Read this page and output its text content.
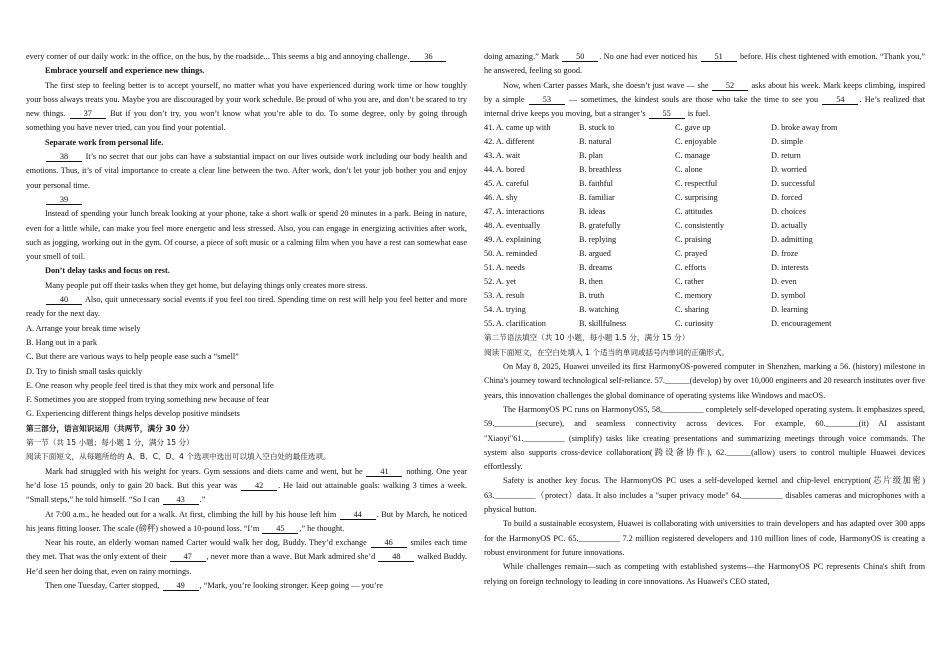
every corner of our daily work: in the office, on the bus, by the roadside... This seems a big and annoying challenge. 36

Embrace yourself and experience new things.

The first step to feeling better is to accept yourself, no matter what you have experienced during work time or how toughly your boss always treats you. Maybe you are discouraged by your work schedule. Be proud of who you are, and don’t be scared to try new things. 37 But if you don’t try, you won’t know what you’re able to do. To some degree, only by going through something you have never tried, can you find your potential.

Separate work from personal life.

38 It’s no secret that our jobs can have a substantial impact on our lives outside work including our body health and emotions. Thus, it’s of vital importance to create a clear line between the two. After work, don’t let your job bother you and enjoy your personal time.

39

Instead of spending your lunch break looking at your phone, take a short walk or spend 20 minutes in a park. Being in nature, even for a little while, can make you feel more energetic and less stressed. Also, you can engage in energizing activities after work, such as jogging, working out in the gym. Of course, a piece of soft music or a calming film when you have a rest can somewhat ease your smell of toil.

Don’t delay tasks and focus on rest.

Many people put off their tasks when they get home, but delaying things only creates more stress.

40 Also, quit unnecessary social events if you feel too tired. Spending time on rest will help you feel better and more ready for the next day.

A. Arrange your break time wisely

B. Hang out in a park

C. But there are various ways to help people ease such a “smell”

D. Try to finish small tasks quickly

E. One reason why people feel tired is that they mix work and personal life

F. Sometimes you are stopped from trying something new because of fear

G. Experiencing different things helps develop positive mindsets

第三部分，语言知识运用（共两节，满分 30 分）

第一节（共 15 小题；每小题 1 分，满分 15 分）

阅读下面短文，从每题所给的 A、B、C、D、4 个选项中选出可以填入空白处的最佳选项。

Mark had struggled with his weight for years. Gym sessions and diets came and went, but he 41 nothing. One year he’d lose 15 pounds, only to gain 20 back. But this year was 42 . He laid out attainable goals: walking 3 times a week. “Small steps,” he told himself. “So I can 43 .”

At 7:00 a.m., he headed out for a walk. At first, climbing the hill by his house left him 44 . But by March, he noticed his jeans fitting looser. The scale (磅秤) showed a 10-pound loss. “I’m 45 ,” he thought.

Near his route, an elderly woman named Carter would walk her dog, Buddy. They’d exchange 46 smiles each time they met. That was the only extent of their 47 , never more than a wave. But Mark admired she’d 48 walked Buddy. He’d seen her doing that, even on rainy mornings.

Then one Tuesday, Carter stopped, 49 , “Mark, you’re looking stronger. Keep going — you’re

doing amazing.” Mark 50 . No one had ever noticed his 51 before. His chest tightened with emotion. “Thank you,” he answered, feeling so good.

Now, when Carter passes Mark, she doesn’t just wave — she 52 asks about his week. Mark keeps climbing, inspired by a simple 53 — sometimes, the kindest souls are those who take the time to see you 54 . He’s realized that internal drive keeps you moving, but a stranger’s 55 is fuel.

41. A. came up with	B. stuck to	C. gave up	D. broke away from
42. A. different	B. natural	C. enjoyable	D. simple
43. A. wait	B. plan	C. manage	D. return
44. A. bored	B. breathless	C. alone	D. worried
45. A. careful	B. faithful	C. respectful	D. successful
46. A. shy	B. familiar	C. surprising	D. forced
47. A. interactions	B. ideas	C. attitudes	D. choices
48. A. eventually	B. gratefully	C. consistently	D. actually
49. A. explaining	B. replying	C. praising	D. admitting
50. A. reminded	B. argued	C. prayed	D. froze
51. A. needs	B. dreams	C. efforts	D. interests
52. A. yet	B. then	C. rather	D. even
53. A. result	B. truth	C. memory	D. symbol
54. A. trying	B. watching	C. sharing	D. learning
55. A. clarification	B. skillfulness	C. curiosity	D. encouragement

第二节语法填空（共 10 小题，每小题 1.5 分，满分 15 分）

阅读下面短文，在空白处填入 1 个适当的单词或括号内单词的正确形式。

On May 8, 2025, Huawei unveiled its first HarmonyOS-powered computer in Shenzhen, marking a 56. (history) milestone in China's journey toward technological self-reliance. 57.______(develop) by over 10,000 engineers and 20 research institutes over five years, this innovation challenges the global dominance of operating systems like Windows and macOS.

The HarmonyOS PC runs on HarmonyOS5, 58,__________ completely self-developed operating system. It emphasizes speed, 59.__________(secure), and seamless connectivity across devices. For example, 60.________(it) AI assistant "Xiaoyi"61.__________ (simplify) tasks like creating presentations and summarizing meetings through voice commands. The system also supports cross-device collaboration(跨设备协作), 62.______(allow) users to control multiple Huawei devices effortlessly.

Safety is another key focus. The HarmonyOS PC uses a self-developed kernel and chip-level encryption(芯片级加密) 63.__________（protect）data. It also includes a "super privacy mode" 64.__________ disables cameras and microphones with a physical button.

To build a sustainable ecosystem, Huawei is collaborating with universities to train developers and has adapted over 300 apps for the HarmonyOS PC. 65.__________ 7.2 million registered developers and 110 million lines of code, HarmonyOS is creating a robust environment for future innovations.

While challenges remain—such as competing with established systems—the HarmonyOS PC represents China's shift from relying on foreign technology to leading in core innovations. As Huawei's CEO stated,
